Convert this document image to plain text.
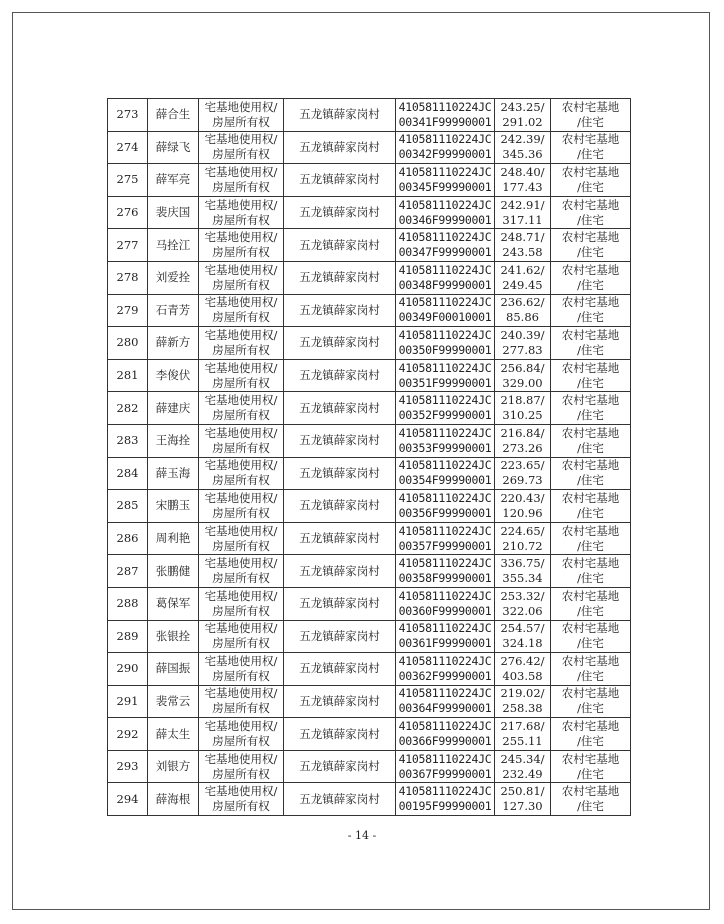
273	薛合生	宅基地使用权/
房屋所有权	五龙镇薛家岗村	410581110224JC
00341F99990001	243.25/
291.02	农村宅基地
/住宅

274	薛绿飞	宅基地使用权/
房屋所有权	五龙镇薛家岗村	410581110224JC
00342F99990001	242.39/
345.36	农村宅基地
/住宅

275	薛军亮	宅基地使用权/
房屋所有权	五龙镇薛家岗村	410581110224JC
00345F99990001	248.40/
177.43	农村宅基地
/住宅

276	裴庆国	宅基地使用权/
房屋所有权	五龙镇薛家岗村	410581110224JC
00346F99990001	242.91/
317.11	农村宅基地
/住宅

277	马拴江	宅基地使用权/
房屋所有权	五龙镇薛家岗村	410581110224JC
00347F99990001	248.71/
243.58	农村宅基地
/住宅

278	刘爱拴	宅基地使用权/
房屋所有权	五龙镇薛家岗村	410581110224JC
00348F99990001	241.62/
249.45	农村宅基地
/住宅

279	石青芳	宅基地使用权/
房屋所有权	五龙镇薛家岗村	410581110224JC
00349F00010001	236.62/
85.86	农村宅基地
/住宅

280	薛新方	宅基地使用权/
房屋所有权	五龙镇薛家岗村	410581110224JC
00350F99990001	240.39/
277.83	农村宅基地
/住宅

281	李俊伏	宅基地使用权/
房屋所有权	五龙镇薛家岗村	410581110224JC
00351F99990001	256.84/
329.00	农村宅基地
/住宅

282	薛建庆	宅基地使用权/
房屋所有权	五龙镇薛家岗村	410581110224JC
00352F99990001	218.87/
310.25	农村宅基地
/住宅

283	王海拴	宅基地使用权/
房屋所有权	五龙镇薛家岗村	410581110224JC
00353F99990001	216.84/
273.26	农村宅基地
/住宅

284	薛玉海	宅基地使用权/
房屋所有权	五龙镇薛家岗村	410581110224JC
00354F99990001	223.65/
269.73	农村宅基地
/住宅

285	宋鹏玉	宅基地使用权/
房屋所有权	五龙镇薛家岗村	410581110224JC
00356F99990001	220.43/
120.96	农村宅基地
/住宅

286	周利艳	宅基地使用权/
房屋所有权	五龙镇薛家岗村	410581110224JC
00357F99990001	224.65/
210.72	农村宅基地
/住宅

287	张鹏健	宅基地使用权/
房屋所有权	五龙镇薛家岗村	410581110224JC
00358F99990001	336.75/
355.34	农村宅基地
/住宅

288	葛保军	宅基地使用权/
房屋所有权	五龙镇薛家岗村	410581110224JC
00360F99990001	253.32/
322.06	农村宅基地
/住宅

289	张银拴	宅基地使用权/
房屋所有权	五龙镇薛家岗村	410581110224JC
00361F99990001	254.57/
324.18	农村宅基地
/住宅

290	薛国振	宅基地使用权/
房屋所有权	五龙镇薛家岗村	410581110224JC
00362F99990001	276.42/
403.58	农村宅基地
/住宅

291	裴常云	宅基地使用权/
房屋所有权	五龙镇薛家岗村	410581110224JC
00364F99990001	219.02/
258.38	农村宅基地
/住宅

292	薛太生	宅基地使用权/
房屋所有权	五龙镇薛家岗村	410581110224JC
00366F99990001	217.68/
255.11	农村宅基地
/住宅

293	刘银方	宅基地使用权/
房屋所有权	五龙镇薛家岗村	410581110224JC
00367F99990001	245.34/
232.49	农村宅基地
/住宅

294	薛海根	宅基地使用权/
房屋所有权	五龙镇薛家岗村	410581110224JC
00195F99990001	250.81/
127.30	农村宅基地
/住宅
- 14 -
